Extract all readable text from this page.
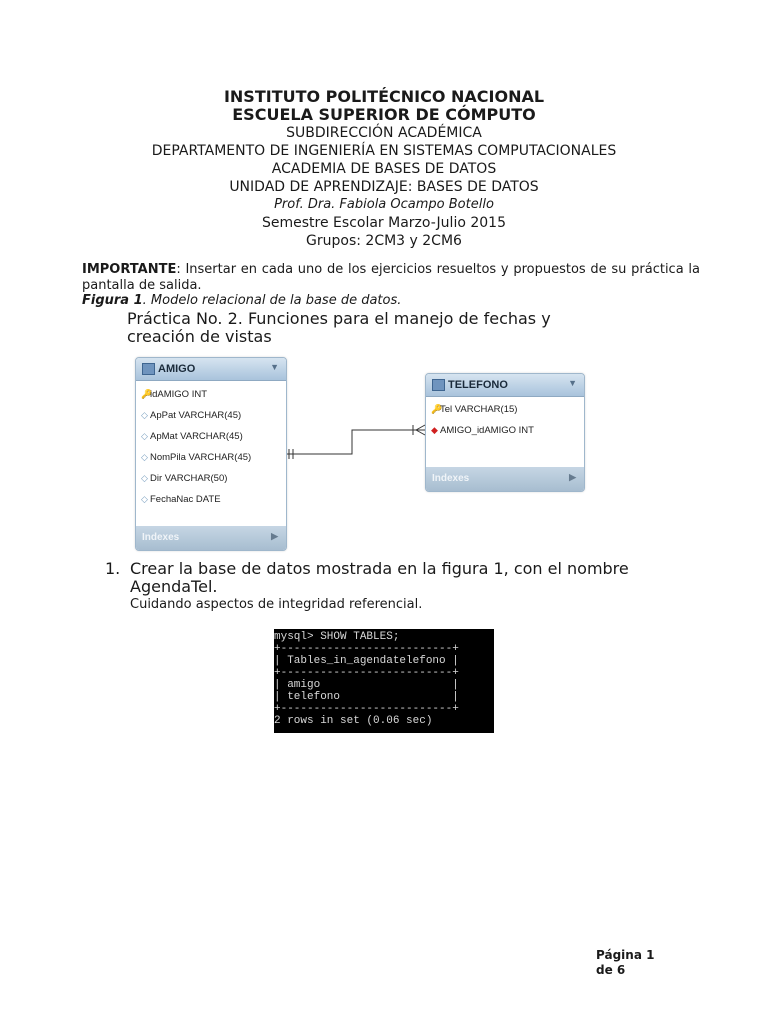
INSTITUTO POLITÉCNICO NACIONAL
ESCUELA SUPERIOR DE CÓMPUTO
SUBDIRECCIÓN ACADÉMICA
DEPARTAMENTO DE INGENIERÍA EN SISTEMAS COMPUTACIONALES
ACADEMIA DE BASES DE DATOS
UNIDAD DE APRENDIZAJE: BASES DE DATOS
Prof. Dra. Fabiola Ocampo Botello
Semestre Escolar Marzo-Julio 2015
Grupos: 2CM3 y 2CM6
IMPORTANTE: Insertar en cada uno de los ejercicios resueltos y propuestos de su práctica la pantalla de salida.
Figura 1. Modelo relacional de la base de datos.
Práctica No. 2. Funciones para el manejo de fechas y creación de vistas
AMIGO	▼
🔑
idAMIGO INT
◇ ApPat VARCHAR(45)
◇ ApMat VARCHAR(45)
◇ NomPila VARCHAR(45)
◇ Dir VARCHAR(50)
◇ FechaNac DATE
Indexes	▶
TELEFONO	▼
🔑
Tel VARCHAR(15)
◆ AMIGO_idAMIGO INT
Indexes	▶
1. Crear la base de datos mostrada en la figura 1, con el nombre AgendaTel.
Cuidando aspectos de integridad referencial.
mysql> SHOW TABLES;
+--------------------------+
| Tables_in_agendatelefono |
+--------------------------+
| amigo                    |
| telefono                 |
+--------------------------+
2 rows in set (0.06 sec)
Página 1
de 6
